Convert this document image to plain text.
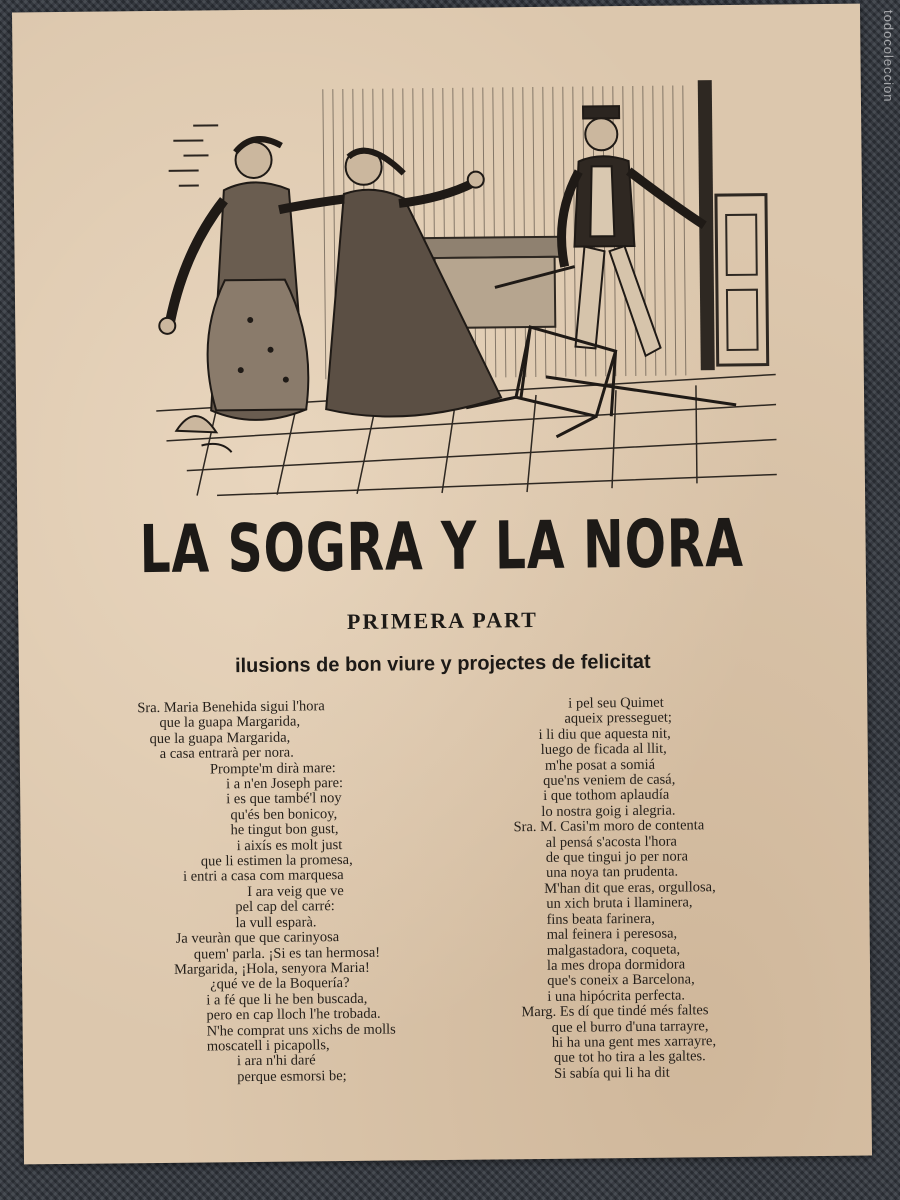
todocoleccion
LA SOGRA Y LA NORA
PRIMERA PART
ilusions de bon viure y projectes de felicitat
Sra. Maria Benehida sigui l'hora
que la guapa Margarida,
que la guapa Margarida,
a casa entrarà per nora.
Prompte'm dirà mare:
i a n'en Joseph pare:
i es que també'l noy
qu'és ben bonicoy,
he tingut bon gust,
i aixís es molt just
que li estimen la promesa,
i entri a casa com marquesa
I ara veig que ve
pel cap del carré:
la vull esparà.
Ja veuràn que que carinyosa
quem' parla. ¡Si es tan hermosa!
Margarida, ¡Hola, senyora Maria!
¿qué ve de la Boquería?
i a fé que li he ben buscada,
pero en cap lloch l'he trobada.
N'he comprat uns xichs de molls
moscatell i picapolls,
i ara n'hi daré
perque esmorsi be;
i pel seu Quimet
aqueix presseguet;
i li diu que aquesta nit,
luego de ficada al llit,
m'he posat a somiá
que'ns veniem de casá,
i que tothom aplaudía
lo nostra goig i alegria.
Sra. M. Casi'm moro de contenta
al pensá s'acosta l'hora
de que tingui jo per nora
una noya tan prudenta.
M'han dit que eras, orgullosa,
un xich bruta i llaminera,
fins beata farinera,
mal feinera i peresosa,
malgastadora, coqueta,
la mes dropa dormidora
que's coneix a Barcelona,
i una hipócrita perfecta.
Marg. Es dí que tindé més faltes
que el burro d'una tarrayre,
hi ha una gent mes xarrayre,
que tot ho tira a les galtes.
Si sabía qui li ha dit
